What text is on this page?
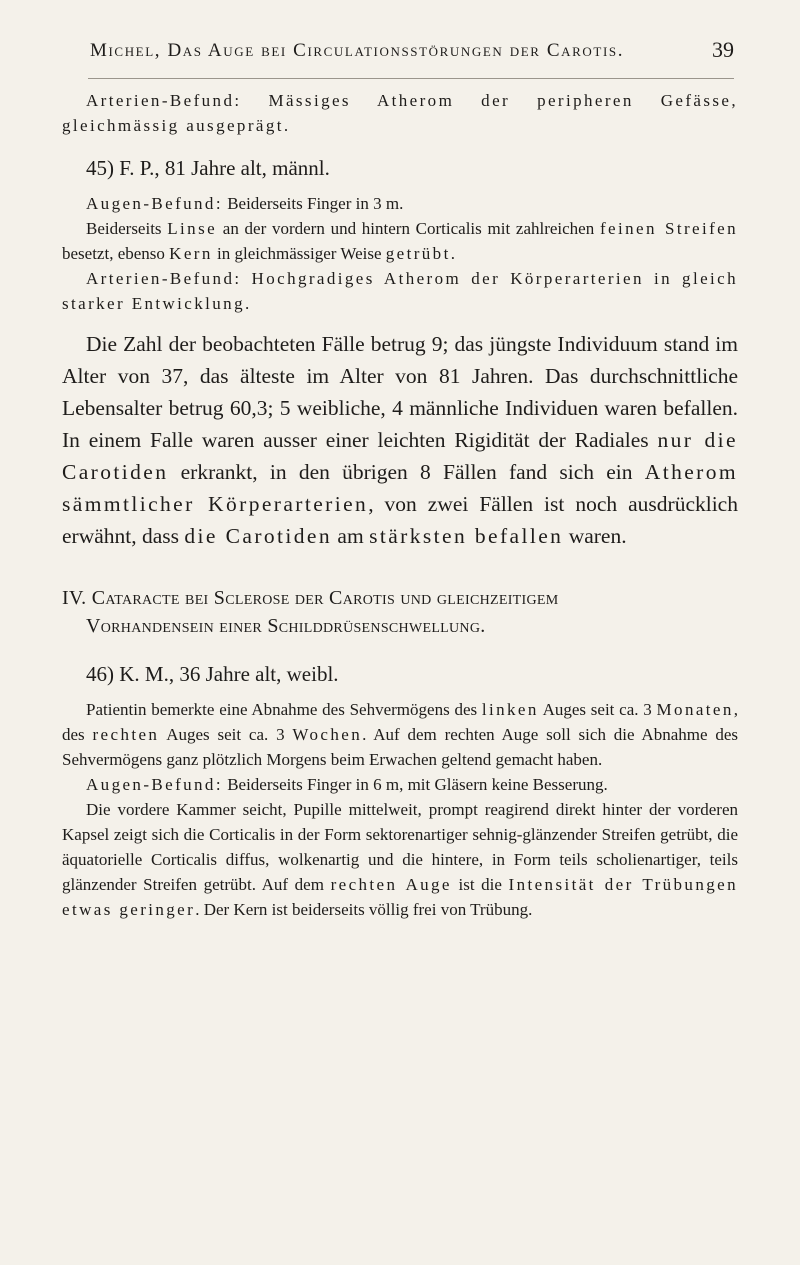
Michel, Das Auge bei Circulationsstörungen der Carotis.	39

Arterien-Befund: Mässiges Atherom der peripheren Gefässe, gleichmässig ausgeprägt.

45) F. P., 81 Jahre alt, männl.

Augen-Befund: Beiderseits Finger in 3 m.

Beiderseits Linse an der vordern und hintern Corticalis mit zahlreichen feinen Streifen besetzt, ebenso Kern in gleichmässiger Weise getrübt.

Arterien-Befund: Hochgradiges Atherom der Körperarterien in gleich starker Entwicklung.

Die Zahl der beobachteten Fälle betrug 9; das jüngste Individuum stand im Alter von 37, das älteste im Alter von 81 Jahren. Das durchschnittliche Lebensalter betrug 60,3; 5 weibliche, 4 männliche Individuen waren befallen. In einem Falle waren ausser einer leichten Rigidität der Radiales nur die Carotiden erkrankt, in den übrigen 8 Fällen fand sich ein Atherom sämmtlicher Körperarterien, von zwei Fällen ist noch ausdrücklich erwähnt, dass die Carotiden am stärksten befallen waren.

IV. Cataracte bei Sclerose der Carotis und gleichzeitigem
Vorhandensein einer Schilddrüsenschwellung.

46) K. M., 36 Jahre alt, weibl.

Patientin bemerkte eine Abnahme des Sehvermögens des linken Auges seit ca. 3 Monaten, des rechten Auges seit ca. 3 Wochen. Auf dem rechten Auge soll sich die Abnahme des Sehvermögens ganz plötzlich Morgens beim Erwachen geltend gemacht haben.

Augen-Befund: Beiderseits Finger in 6 m, mit Gläsern keine Besserung.

Die vordere Kammer seicht, Pupille mittelweit, prompt reagirend direkt hinter der vorderen Kapsel zeigt sich die Corticalis in der Form sektorenartiger sehnig-glänzender Streifen getrübt, die äquatorielle Corticalis diffus, wolkenartig und die hintere, in Form teils scholienartiger, teils glänzender Streifen getrübt. Auf dem rechten Auge ist die Intensität der Trübungen etwas geringer. Der Kern ist beiderseits völlig frei von Trübung.
